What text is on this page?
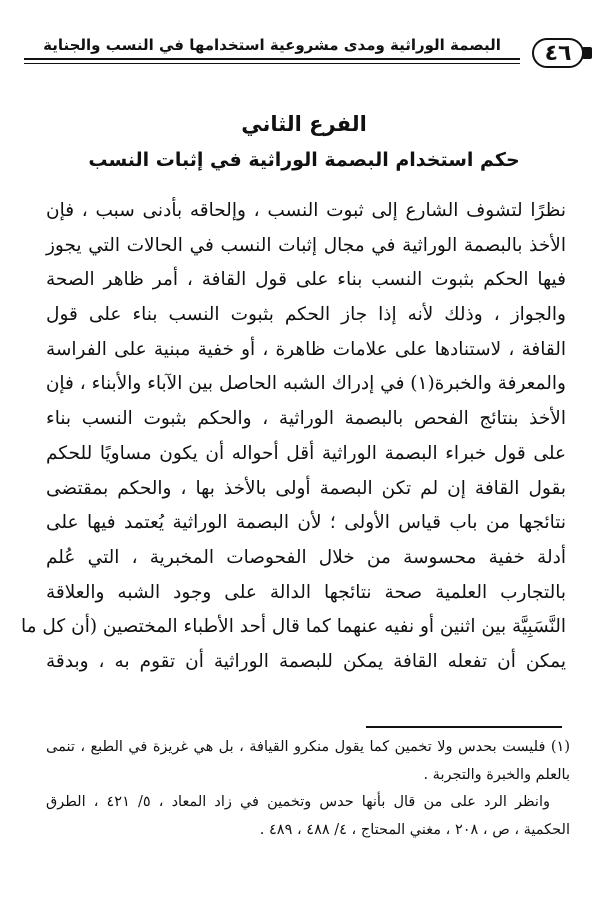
٤٦
البصمة الوراثية ومدى مشروعية استخدامها في النسب والجناية
الفرع الثاني
حكم استخدام البصمة الوراثية في إثبات النسب
نظرًا لتشوف الشارع إلى ثبوت النسب ، وإلحاقه بأدنى سبب ، فإن
الأخذ بالبصمة الوراثية في مجال إثبات النسب في الحالات التي يجوز
فيها الحكم بثبوت النسب بناء على قول القافة ، أمر ظاهر الصحة
والجواز ، وذلك لأنه إذا جاز الحكم بثبوت النسب بناء على قول
القافة ، لاستنادها على علامات ظاهرة ، أو خفية مبنية على الفراسة
والمعرفة والخبرة(١) في إدراك الشبه الحاصل بين الآباء والأبناء ، فإن
الأخذ بنتائج الفحص بالبصمة الوراثية ، والحكم بثبوت النسب بناء
على قول خبراء البصمة الوراثية أقل أحواله أن يكون مساويًا للحكم
بقول القافة إن لم تكن البصمة أولى بالأخذ بها ، والحكم بمقتضى
نتائجها من باب قياس الأولى ؛ لأن البصمة الوراثية يُعتمد فيها على
أدلة خفية محسوسة من خلال الفحوصات المخبرية ، التي عُلم
بالتجارب العلمية صحة نتائجها الدالة على وجود الشبه والعلاقة
النَّسَبِيَّة بين اثنين أو نفيه عنهما كما قال أحد الأطباء المختصين (أن كل ما
يمكن أن تفعله القافة يمكن للبصمة الوراثية أن تقوم به ، وبدقة
(١) فليست بحدس ولا تخمين كما يقول منكرو القيافة ، بل هي غريزة في الطبع ، تنمى
بالعلم والخبرة والتجربة .
وانظر الرد على من قال بأنها حدس وتخمين في زاد المعاد ، ٥/ ٤٢١ ، الطرق
الحكمية ، ص ، ٢٠٨ ، مغني المحتاج ، ٤/ ٤٨٨ ، ٤٨٩ .
